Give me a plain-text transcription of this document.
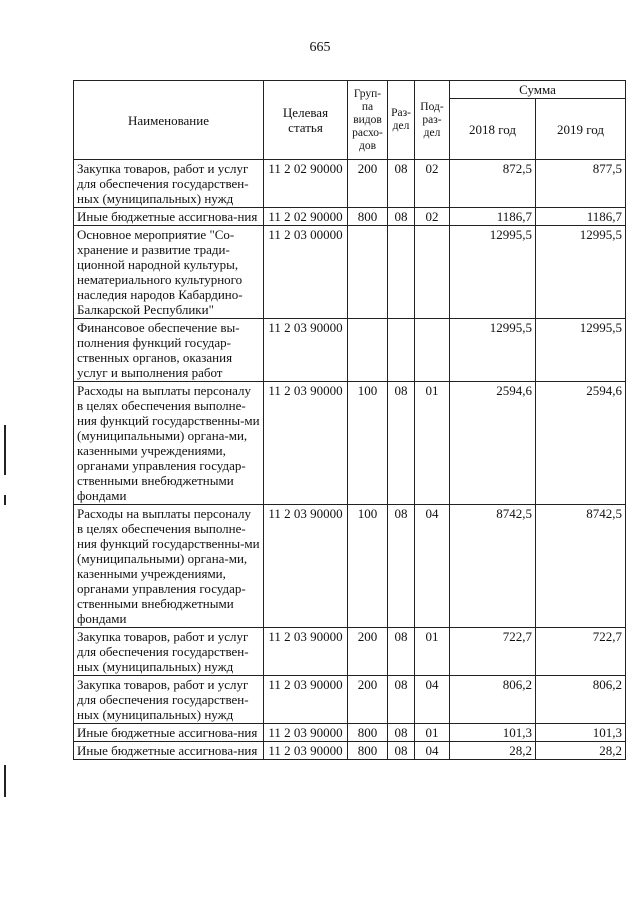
665
Наименование	Целевая статья	Груп-па видов расхо-дов	Раз-дел	Под-раз-дел	Сумма	
					2018 год	2019 год
Закупка товаров, работ и услуг для обеспечения государствен-ных (муниципальных) нужд	11 2 02 90000	200	08	02	872,5	877,5
Иные бюджетные ассигнова-ния	11 2 02 90000	800	08	02	1186,7	1186,7
Основное мероприятие "Со-хранение и развитие тради-ционной народной культуры, нематериального культурного наследия народов Кабардино-Балкарской Республики"	11 2 03 00000				12995,5	12995,5
Финансовое обеспечение вы-полнения функций государ-ственных органов, оказания услуг и выполнения работ	11 2 03 90000				12995,5	12995,5
Расходы на выплаты персоналу в целях обеспечения выполне-ния функций государственны-ми (муниципальными) органа-ми, казенными учреждениями, органами управления государ-ственными внебюджетными фондами	11 2 03 90000	100	08	01	2594,6	2594,6
Расходы на выплаты персоналу в целях обеспечения выполне-ния функций государственны-ми (муниципальными) органа-ми, казенными учреждениями, органами управления государ-ственными внебюджетными фондами	11 2 03 90000	100	08	04	8742,5	8742,5
Закупка товаров, работ и услуг для обеспечения государствен-ных (муниципальных) нужд	11 2 03 90000	200	08	01	722,7	722,7
Закупка товаров, работ и услуг для обеспечения государствен-ных (муниципальных) нужд	11 2 03 90000	200	08	04	806,2	806,2
Иные бюджетные ассигнова-ния	11 2 03 90000	800	08	01	101,3	101,3
Иные бюджетные ассигнова-ния	11 2 03 90000	800	08	04	28,2	28,2
